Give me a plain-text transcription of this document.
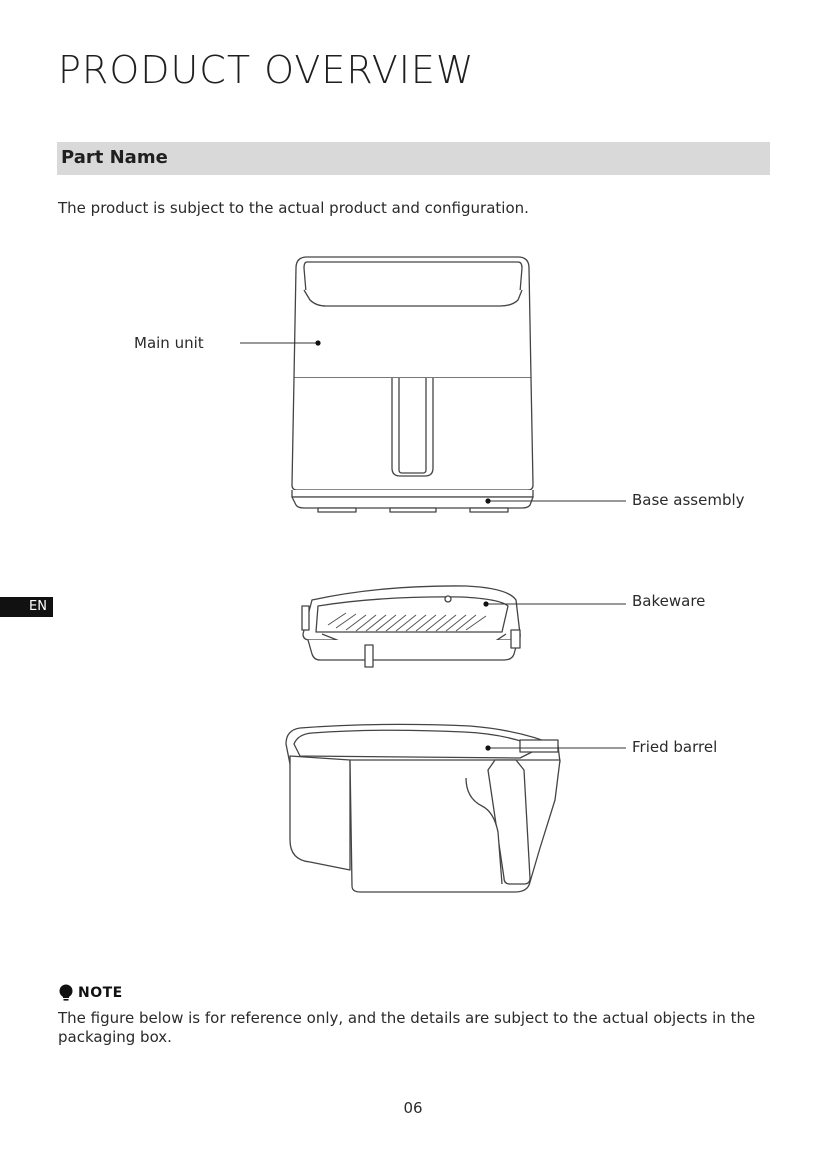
PRODUCT OVERVIEW
Part Name
The product is subject to the actual product and configuration.
Main unit
Base assembly
Bakeware
Fried barrel
EN
NOTE

The figure below is for reference only, and the details are subject to the actual objects in the packaging box.

06
